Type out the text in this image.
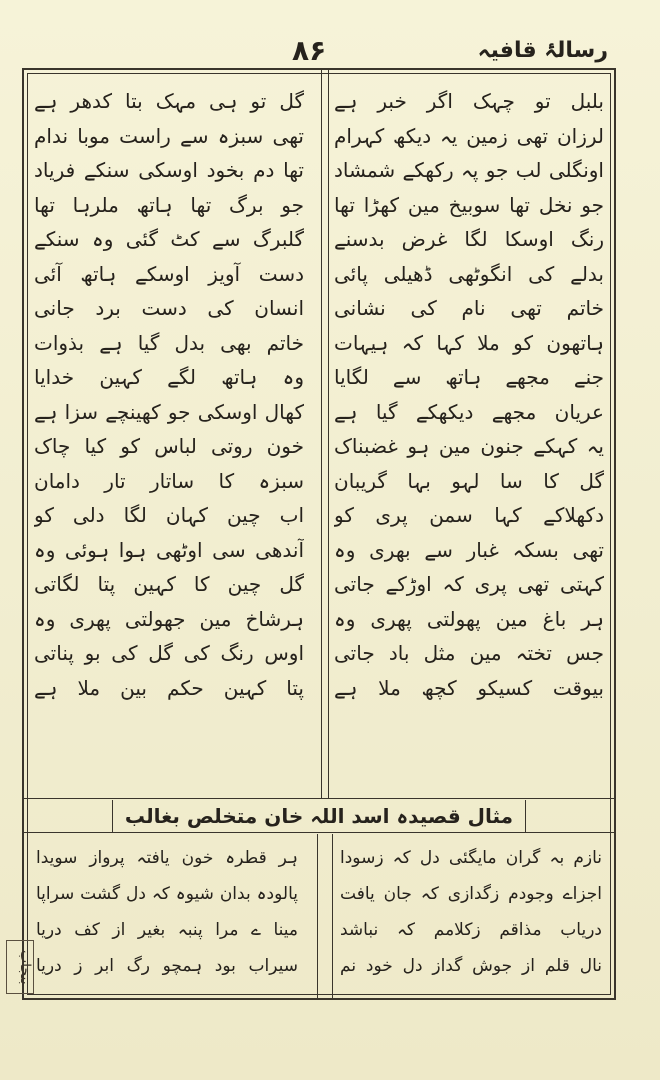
رسالۂ قافیہ
۸۶
بلبل تو چہک اگر خبر ہے
لرزان تھی زمین یہ دیکھ کہرام
اونگلی لب جو پہ رکھکے شمشاد
جو نخل تھا سوبیخ مین کھڑا تھا
رنگ اوسکا لگا غرض بدسنے
بدلے کی انگوٹھی ڈھیلی پائی
خاتم تھی نام کی نشانی
ہاتھون کو ملا کہا کہ ہیہات
جنے مجھے ہاتھ سے لگایا
عریان مجھے دیکھکے گیا ہے
یہ کہکے جنون مین ہو غضبناک
گل کا سا لہو بہا گریبان
دکھلاکے کہا سمن پری کو
تھی بسکہ غبار سے بھری وہ
کہتی تھی پری کہ اوڑکے جاتی
ہر باغ مین پھولتی پھری وہ
جس تختہ مین مثل باد جاتی
بیوقت کسیکو کچھ ملا ہے
گل تو ہی مہک بتا کدھر ہے
تھی سبزہ سے راست موبا ندام
تھا دم بخود اوسکی سنکے فریاد
جو برگ تھا ہاتھ ملرہا تھا
گلبرگ سے کٹ گئی وہ سنکے
دست آویز اوسکے ہاتھ آئی
انسان کی دست برد جانی
خاتم بھی بدل گیا ہے بذوات
وہ ہاتھ لگے کہین خدایا
کھال اوسکی جو کھینچے سزا ہے
خون روتی لباس کو کیا چاک
سبزہ کا ساتار تار دامان
اب چین کہان لگا دلی کو
آندھی سی اوٹھی ہوا ہوئی وہ
گل چین کا کہین پتا لگاتی
ہرشاخ مین جھولتی پھری وہ
اوس رنگ کی گل کی بو پناتی
پتا کہین حکم بین ملا ہے
مثال قصیدہ اسد اللہ خان متخلص بغالب
نازم بہ گران مایگئی دل کہ زسودا
اجزاے وجودم زگدازی کہ جان یافت
دریاب مذاقم زکلامم کہ نباشد
نال قلم از جوش گداز دل خود نم
ہر قطرہ خون یافتہ پرواز سویدا
پالودہ بدان شیوہ کہ دل گشت سراپا
مینا ے مرا پنبہ بغیر از کف دریا
سیراب بود ہمچو رگ ابر ز دریا
بنجاب
